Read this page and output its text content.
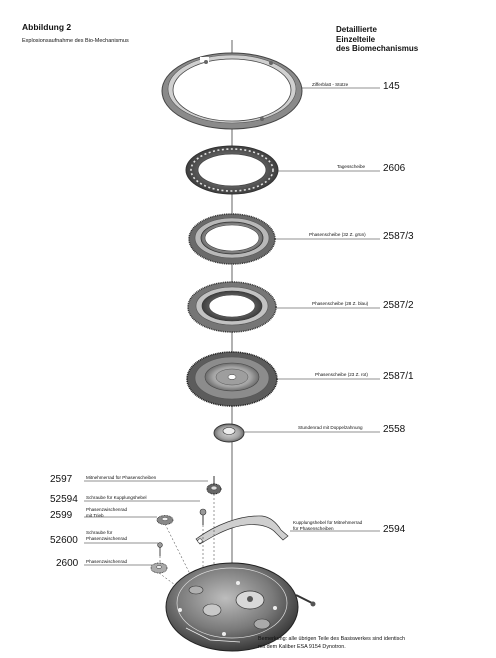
Abbildung 2
Explosionsaufnahme des Bio-Mechanismus
Detaillierte
Einzelteile
des Biomechanismus
Zifferblatt - Stütze	145
Tagesscheibe 2606
Phasenscheibe (32 Z. grün) 2587/3
Phasenscheibe (28 Z. blau) 2587/2
Phasenscheibe (23 Z. rot) 2587/1
Stundenrad mit Doppelzahnung 2558
Kupplungshebel für Mitnehmerrad
für Phasenscheiben	2594
2597	Mitnehmerrad für Phasenscheiben
52594 Schraube für Kupplungshebel
2599
Phasenzwischenrad
mit Trieb
52600
Schraube für
Phasenzwischenrad
2600 Phasenzwischenrad
Bemerkung: alle übrigen Teile des Basiswerkes sind identisch
mit dem Kaliber ESA 9154 Dynotron.
